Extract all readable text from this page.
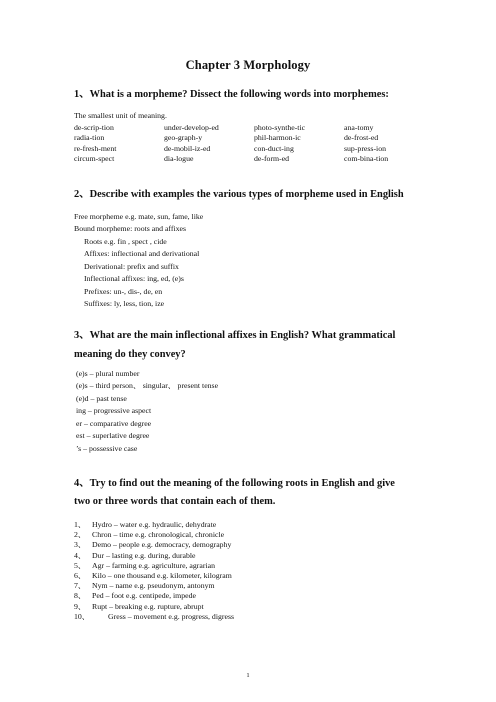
Chapter 3 Morphology
1、What is a morpheme? Dissect the following words into morphemes:
The smallest unit of meaning.
de-scrip-tion	under-develop-ed	photo-synthe-tic	ana-tomy
radia-tion	geo-graph-y	phil-harmon-ic	de-frost-ed
re-fresh-ment	de-mobil-iz-ed	con-duct-ing	sup-press-ion
circum-spect	dia-logue	de-form-ed	com-bina-tion
2、Describe with examples the various types of morpheme used in English
Free morpheme e.g. mate, sun, fame, like
Bound morpheme: roots and affixes
Roots e.g. fin , spect , cide
Affixes: inflectional and derivational
Derivational: prefix and suffix
Inflectional affixes: ing, ed, (e)s
Prefixes: un-, dis-, de, en
Suffixes: ly, less, tion, ize
3、What are the main inflectional affixes in English? What grammatical
meaning do they convey?
(e)s – plural number
(e)s – third person、 singular、 present tense
(e)d – past tense
ing – progressive aspect
er – comparative degree
est – superlative degree
’s – possessive case
4、Try to find out the meaning of the following roots in English and give
two or three words that contain each of them.
1、 Hydro – water e.g. hydraulic, dehydrate
2、 Chron – time e.g. chronological, chronicle
3、 Demo – people e.g. democracy, demography
4、 Dur – lasting e.g. during, durable
5、 Agr – farming e.g. agriculture, agrarian
6、 Kilo – one thousand e.g. kilometer, kilogram
7、 Nym – name e.g. pseudonym, antonym
8、 Ped – foot e.g. centipede, impede
9、 Rupt – breaking e.g. rupture, abrupt
10、	Gress – movement e.g. progress, digress
1
